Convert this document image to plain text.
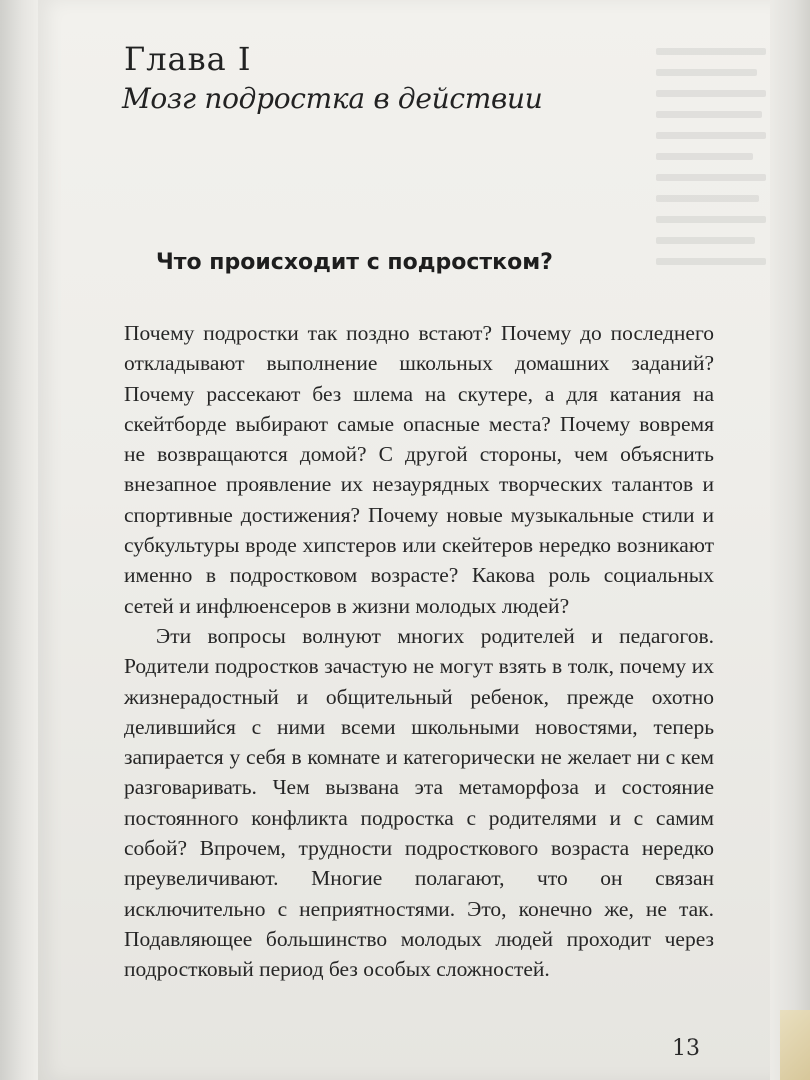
Глава I
Мозг подростка в действии
Что происходит с подростком?

Почему подростки так поздно встают? Почему до последнего откладывают выполнение школьных домашних заданий? Почему рассекают без шлема на скутере, а для катания на скейтборде выбирают самые опасные места? Почему вовремя не возвращаются домой? С другой стороны, чем объяснить внезапное проявление их незаурядных творческих талантов и спортивные достижения? Почему новые музыкальные стили и субкультуры вроде хипстеров или скейтеров нередко возникают именно в подростковом возрасте? Какова роль социальных сетей и инфлюенсеров в жизни молодых людей?

Эти вопросы волнуют многих родителей и педагогов. Родители подростков зачастую не могут взять в толк, почему их жизнерадостный и общительный ребенок, прежде охотно делившийся с ними всеми школьными новостями, теперь запирается у себя в комнате и категорически не желает ни с кем разговаривать. Чем вызвана эта метаморфоза и состояние постоянного конфликта подростка с родителями и с самим собой? Впрочем, трудности подросткового возраста нередко преувеличивают. Многие полагают, что он связан исключительно с неприятностями. Это, конечно же, не так. Подавляющее большинство молодых людей проходит через подростковый период без особых сложностей.

13
